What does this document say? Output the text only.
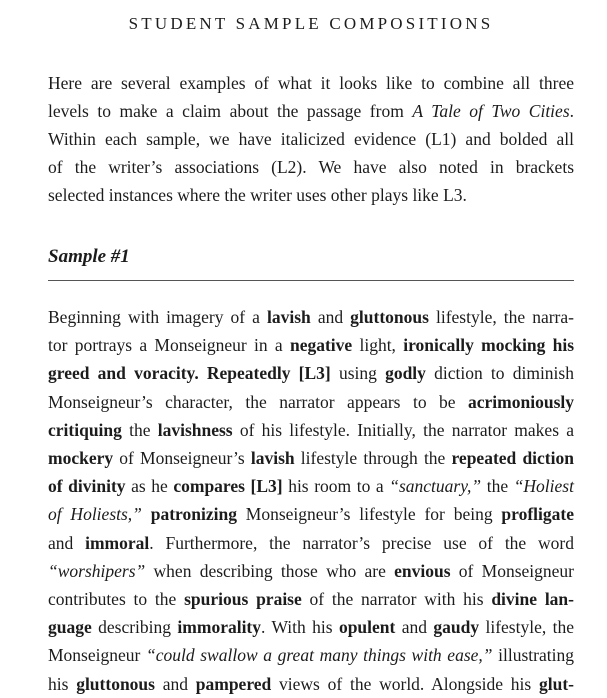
STUDENT SAMPLE COMPOSITIONS
Here are several examples of what it looks like to combine all three
levels to make a claim about the passage from A Tale of Two Cities.
Within each sample, we have italicized evidence (L1) and bolded all
of the writer’s associations (L2). We have also noted in brackets
selected instances where the writer uses other plays like L3.
Sample #1
Beginning with imagery of a lavish and gluttonous lifestyle, the narra-
tor portrays a Monseigneur in a negative light, ironically mocking his
greed and voracity. Repeatedly [L3] using godly diction to diminish
Monseigneur’s character, the narrator appears to be acrimoniously
critiquing the lavishness of his lifestyle. Initially, the narrator makes a
mockery of Monseigneur’s lavish lifestyle through the repeated diction
of divinity as he compares [L3] his room to a “sanctuary,” the “Holiest
of Holiests,” patronizing Monseigneur’s lifestyle for being profligate
and immoral. Furthermore, the narrator’s precise use of the word
“worshipers” when describing those who are envious of Monseigneur
contributes to the spurious praise of the narrator with his divine lan-
guage describing immorality. With his opulent and gaudy lifestyle, the
Monseigneur “could swallow a great many things with ease,” illustrating
his gluttonous and pampered views of the world. Alongside his glut-
